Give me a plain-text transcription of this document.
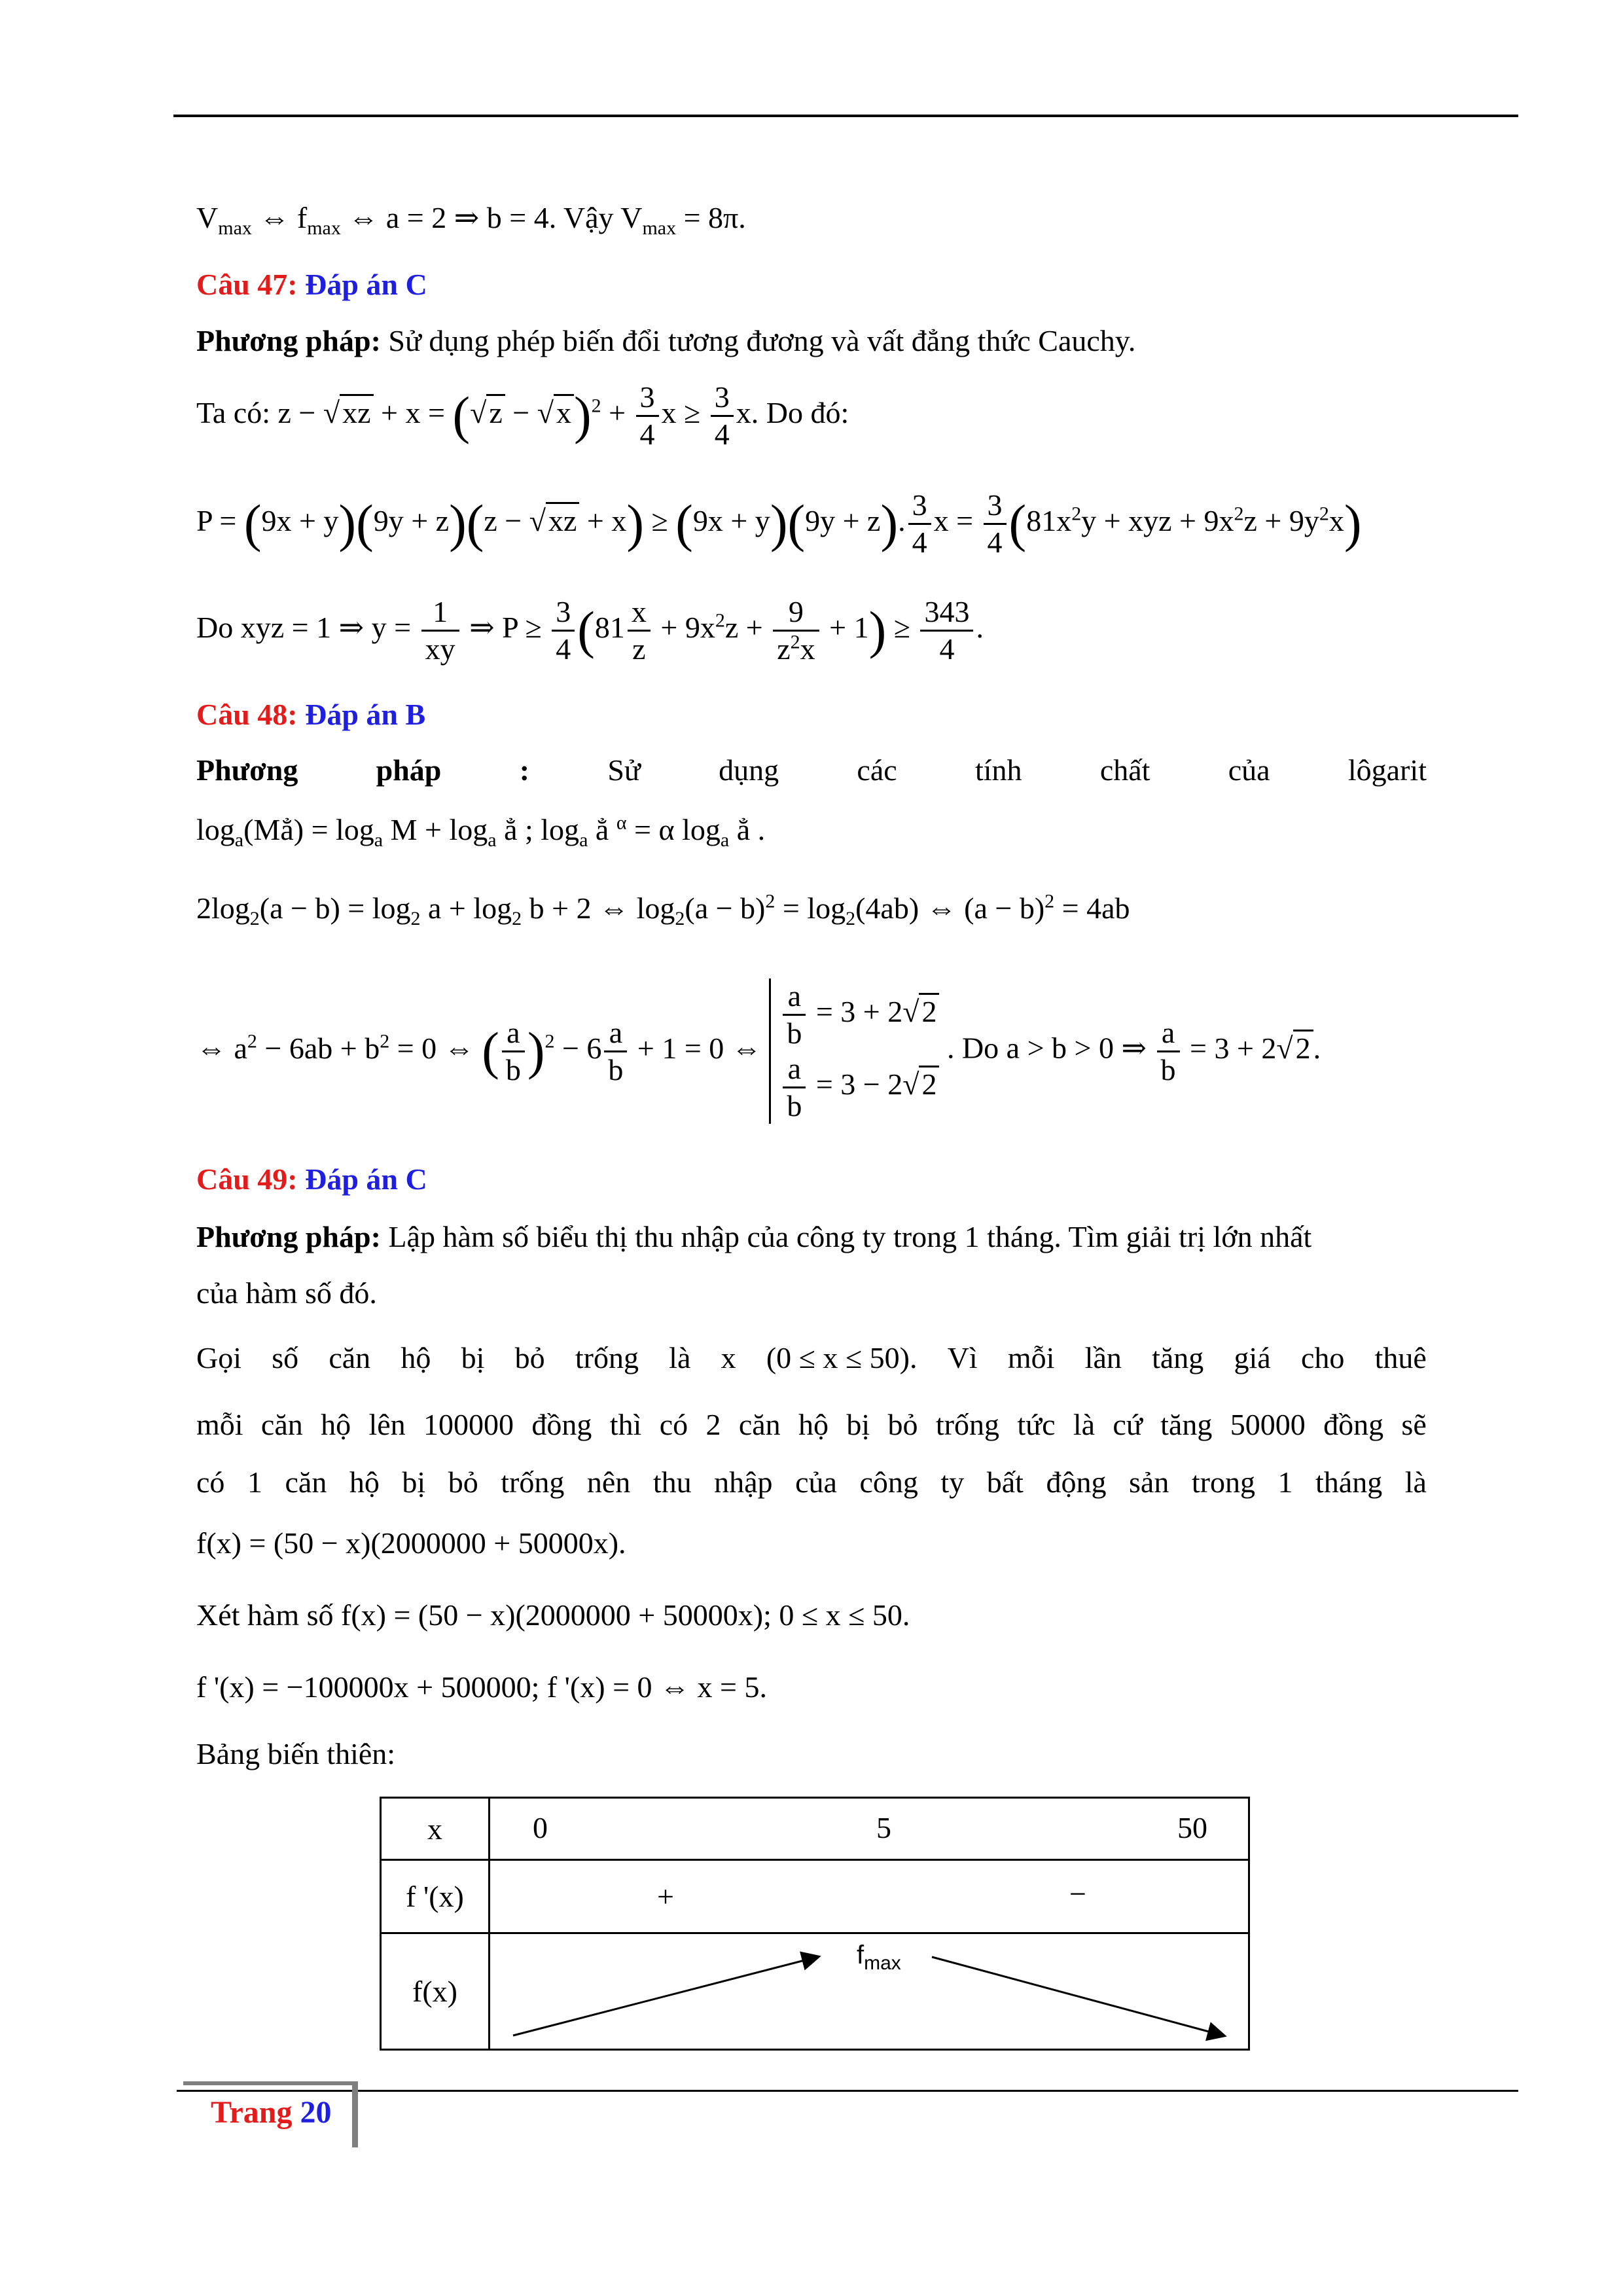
$V_{max}$ ⇔ $f_{max}$ ⇔ a = 2 ⇒ b = 4. Vậy $V_{max} = 8\pi$.
Câu 47: Đáp án C
Phương pháp: Sử dụng phép biến đổi tương đương và vất đẳng thức Cauchy.
Ta có: $z - √xz + x = (√z - √x)^2 + \frac{3}{4}$ $x \ge \frac{3}{4} x$. Do đó:
P = (9x + y)(9y + z)(z − √xz + x) ≥ (9x + y)(9y + z). $\frac{3}{4}$ $x = \frac{3}{4} (81x^2y$ + xyz + $9x^2z + 9y^2x$)
Do xyz = 1 ⇒ $y = \frac{1}{xy}$ ⇒ $P \ge \frac{3}{4} (81 \frac{x}{z} + 9x^2z + \frac{9}{z^2x} + 1) \ge \frac{343}{4}$ .
Câu 48: Đáp án B
Phương	pháp	:	Sử	dụng	các	tính	chất	của	lôgarit
$\log_a(Mẳ) = \log_a M + \log_a$ ẳ ; $\log_a$ ẳ $^\alpha$ = α $\log_a$ ẳ .
$2\log_2(a - b) = \log_2 a + \log_2 b + 2$ ⇔ $\log_2(a - b)^2 = \log_2(4ab)$ ⇔ $(a - b)^2 = 4ab$
⇔ $a^2 - 6ab + b^2 = 0$ ⇔ ( $\frac{a}{b} )^2 - 6 \frac{a}{b} + 1 = 0$ ⇔ $\frac{a}{b} = 3 + 2√2$
$\frac{a}{b} = 3 - 2√2$
. Do a > b > 0 ⇒ $\frac{a}{b} = 3 + 2√2$.
Câu 49: Đáp án C
Phương pháp: Lập hàm số biểu thị thu nhập của công ty trong 1 tháng. Tìm giải trị lớn nhất
của hàm số đó.
Gọi số căn hộ bị bỏ trống là x (0 ≤ x ≤ 50). Vì mỗi lần tăng giá cho thuê
mỗi căn hộ lên 100000 đồng thì có 2 căn hộ bị bỏ trống tức là cứ tăng 50000 đồng sẽ
có 1 căn hộ bị bỏ trống nên thu nhập của công ty bất động sản trong 1 tháng là
f(x) = (50 − x)(2000000 + 50000x).
Xét hàm số f(x) = (50 − x)(2000000 + 50000x); 0 ≤ x ≤ 50.
f '(x) = −100000x + 500000; f '(x) = 0 ⇔ x = 5.
Bảng biến thiên:
x	0 5 50

f '(x)	+ −

f(x)	$f_{max}$
Trang 20
